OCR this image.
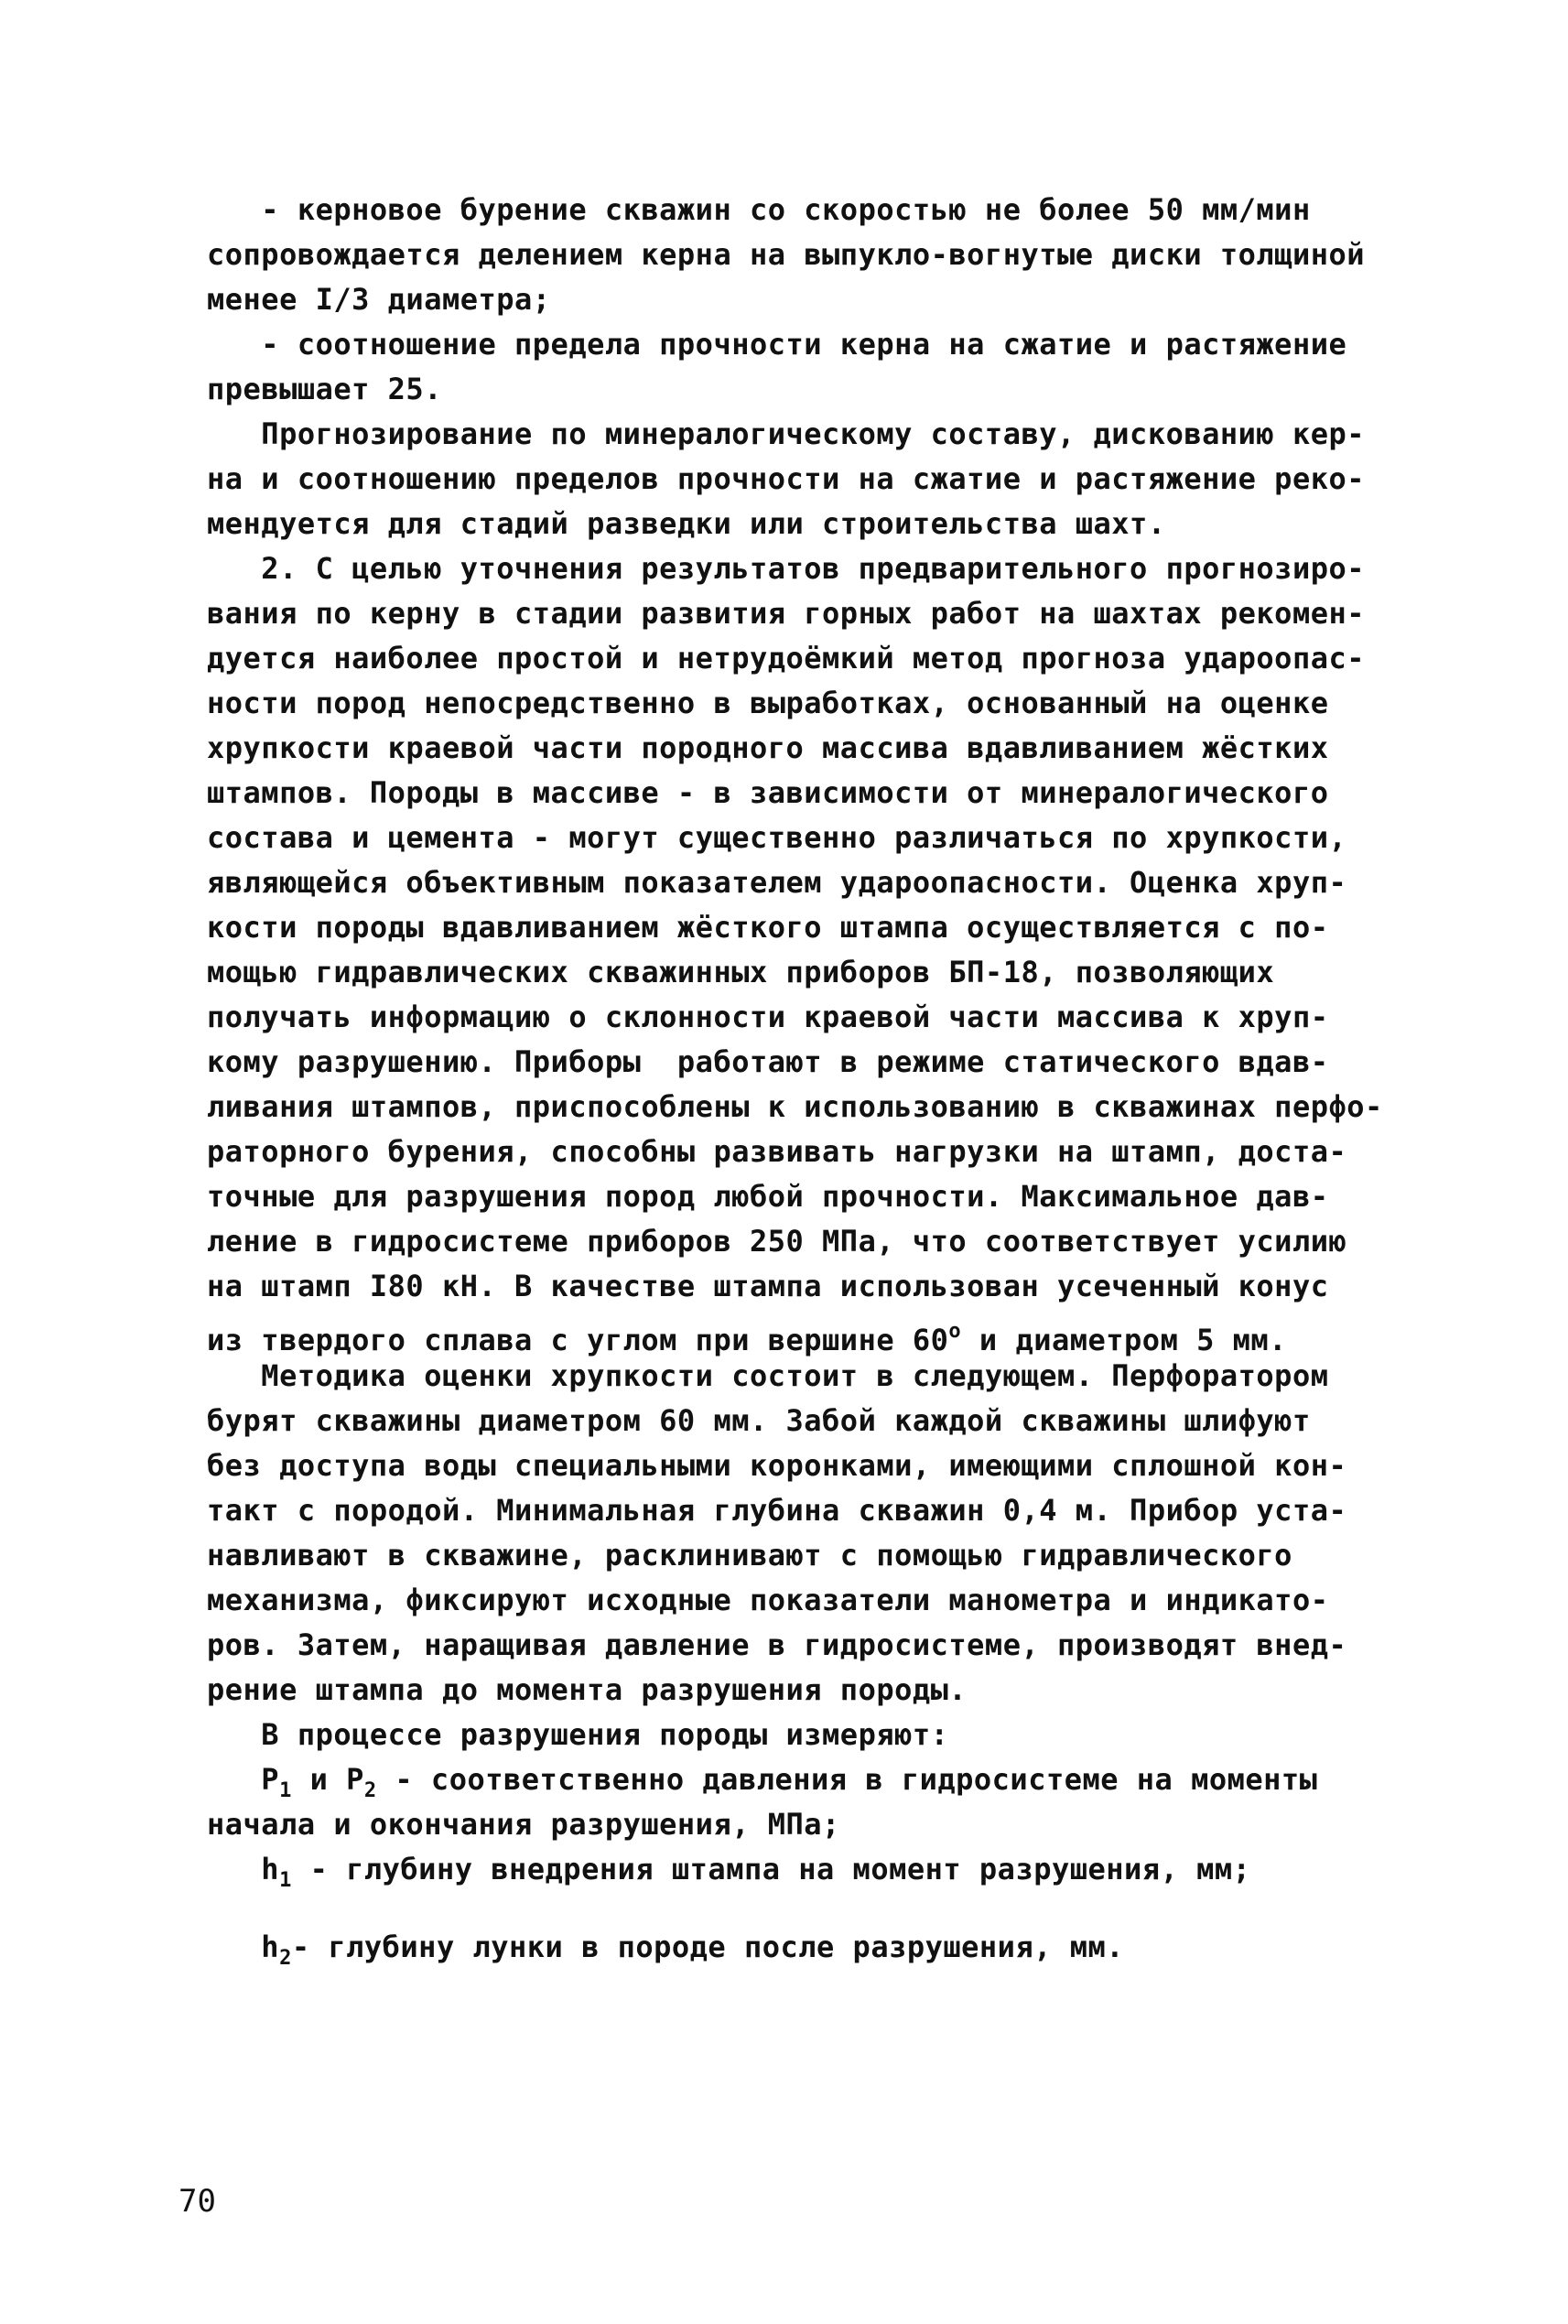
- керновое бурение скважин со скоростью не более 50 мм/мин
сопровождается делением керна на выпукло-вогнутые диски толщиной
менее I/3 диаметра;
- соотношение предела прочности керна на сжатие и растяжение
превышает 25.
Прогнозирование по минералогическому составу, дискованию кер-
на и соотношению пределов прочности на сжатие и растяжение реко-
мендуется для стадий разведки или строительства шахт.
2. С целью уточнения результатов предварительного прогнозиро-
вания по керну в стадии развития горных работ на шахтах рекомен-
дуется наиболее простой и нетрудоёмкий метод прогноза удароопас-
ности пород непосредственно в выработках, основанный на оценке
хрупкости краевой части породного массива вдавливанием жёстких
штампов. Породы в массиве - в зависимости от минералогического
состава и цемента - могут существенно различаться по хрупкости,
являющейся объективным показателем удароопасности. Оценка хруп-
кости породы вдавливанием жёсткого штампа осуществляется с по-
мощью гидравлических скважинных приборов БП-18, позволяющих
получать информацию о склонности краевой части массива к хруп-
кому разрушению. Приборы  работают в режиме статического вдав-
ливания штампов, приспособлены к использованию в скважинах перфо-
раторного бурения, способны развивать нагрузки на штамп, доста-
точные для разрушения пород любой прочности. Максимальное дав-
ление в гидросистеме приборов 250 МПа, что соответствует усилию
на штамп I80 кН. В качестве штампа использован усеченный конус
из твердого сплава с углом при вершине $60^о$ и диаметром 5 мм.
Методика оценки хрупкости состоит в следующем. Перфоратором
бурят скважины диаметром 60 мм. Забой каждой скважины шлифуют
без доступа воды специальными коронками, имеющими сплошной кон-
такт с породой. Минимальная глубина скважин 0,4 м. Прибор уста-
навливают в скважине, расклинивают с помощью гидравлического
механизма, фиксируют исходные показатели манометра и индикато-
ров. Затем, наращивая давление в гидросистеме, производят внед-
рение штампа до момента разрушения породы.
В процессе разрушения породы измеряют:
$P_1$ и $P_2$ - соответственно давления в гидросистеме на моменты
начала и окончания разрушения, МПа;
$h_1$ - глубину внедрения штампа на момент разрушения, мм;
$h_2-$ глубину лунки в породе после разрушения, мм.
70
